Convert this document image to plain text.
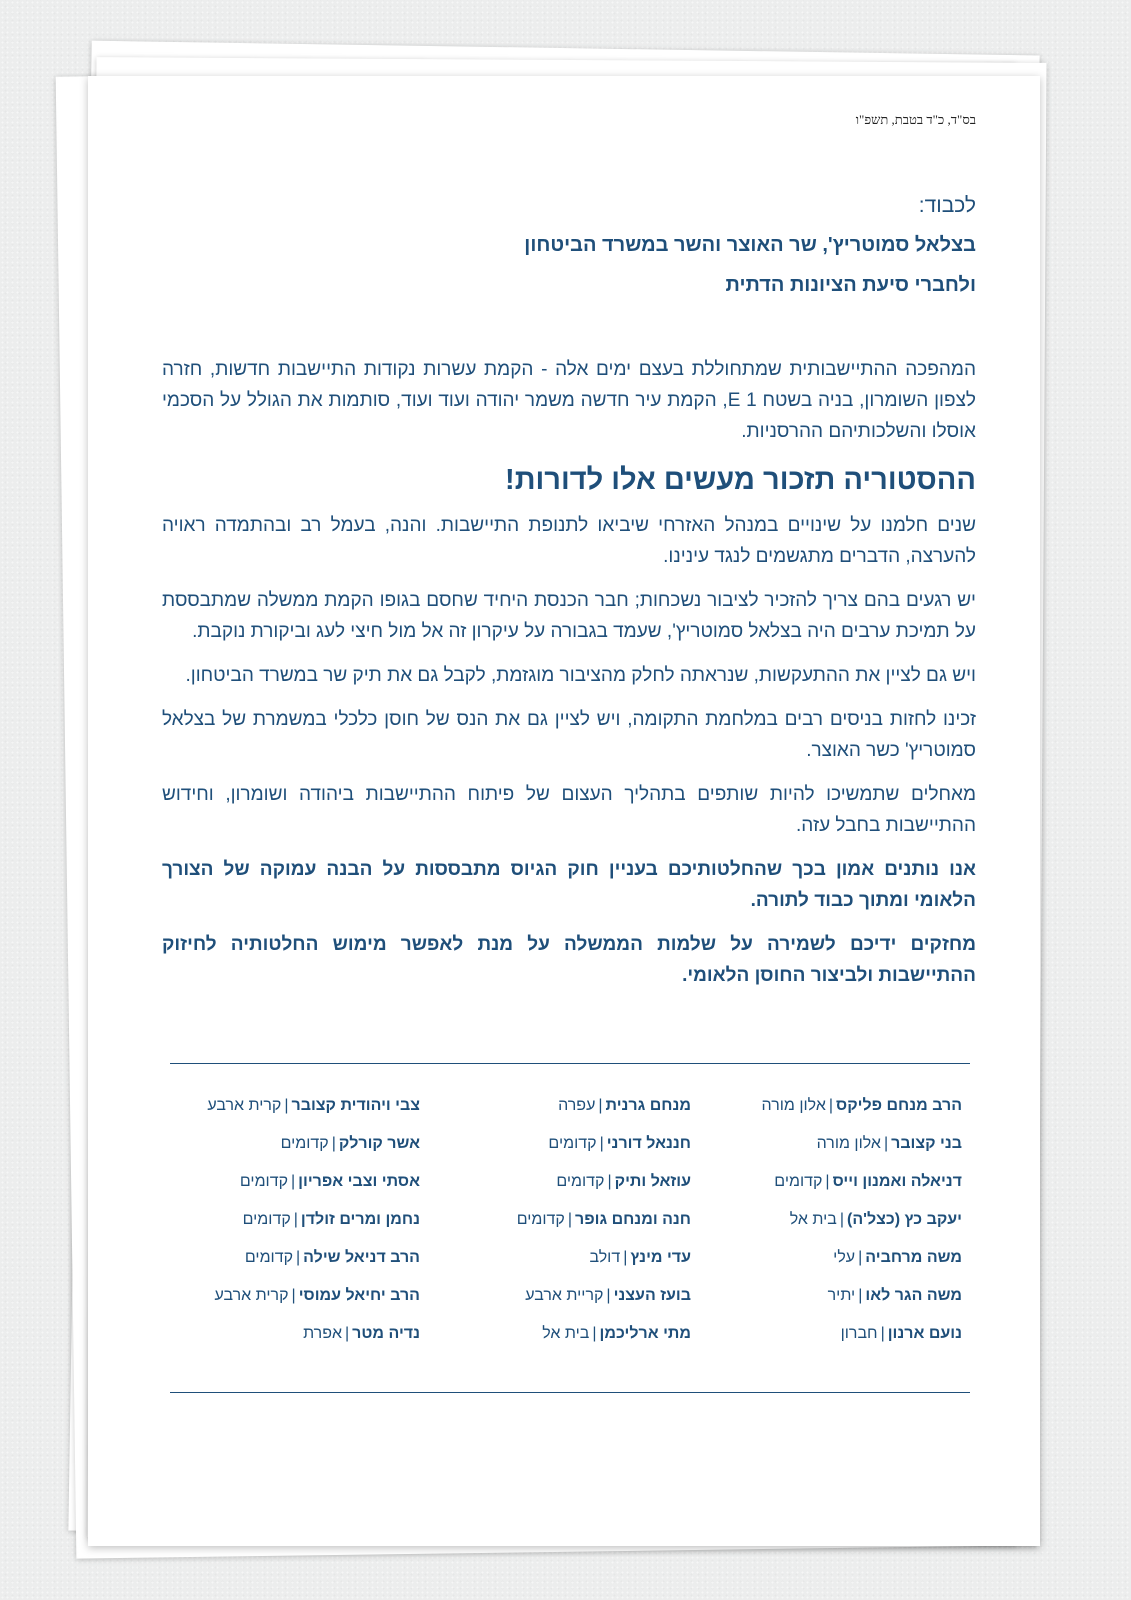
בס"ד, כ"ד בטבת, תשפ"ו
לכבוד:
בצלאל סמוטריץ', שר האוצר והשר במשרד הביטחון
ולחברי סיעת הציונות הדתית

המהפכה ההתיישבותית שמתחוללת בעצם ימים אלה - הקמת עשרות נקודות התיישבות חדשות, חזרה לצפון השומרון, בניה בשטח E 1, הקמת עיר חדשה משמר יהודה ועוד ועוד, סותמות את הגולל על הסכמי אוסלו והשלכותיהם ההרסניות.

ההסטוריה תזכור מעשים אלו לדורות!

שנים חלמנו על שינויים במנהל האזרחי שיביאו לתנופת התיישבות. והנה, בעמל רב ובהתמדה ראויה להערצה, הדברים מתגשמים לנגד עינינו.

יש רגעים בהם צריך להזכיר לציבור נשכחות; חבר הכנסת היחיד שחסם בגופו הקמת ממשלה שמתבססת על תמיכת ערבים היה בצלאל סמוטריץ', שעמד בגבורה על עיקרון זה אל מול חיצי לעג וביקורת נוקבת.

ויש גם לציין את ההתעקשות, שנראתה לחלק מהציבור מוגזמת, לקבל גם את תיק שר במשרד הביטחון.

זכינו לחזות בניסים רבים במלחמת התקומה, ויש לציין גם את הנס של חוסן כלכלי במשמרת של בצלאל סמוטריץ' כשר האוצר.

מאחלים שתמשיכו להיות שותפים בתהליך העצום של פיתוח ההתיישבות ביהודה ושומרון, וחידוש ההתיישבות בחבל עזה.

אנו נותנים אמון בכך שהחלטותיכם בעניין חוק הגיוס מתבססות על הבנה עמוקה של הצורך הלאומי ומתוך כבוד לתורה.

מחזקים ידיכם לשמירה על שלמות הממשלה על מנת לאפשר מימוש החלטותיה לחיזוק ההתיישבות ולביצור החוסן הלאומי.

הרב מנחם פליקס|אלון מורה
בני קצובר|אלון מורה
דניאלה ואמנון וייס|קדומים
יעקב כץ (כצל'ה)|בית אל
משה מרחביה|עלי
משה הגר לאו|יתיר
נועם ארנון|חברון
מנחם גרנית|עפרה
חננאל דורני|קדומים
עוזאל ותיק|קדומים
חנה ומנחם גופר|קדומים
עדי מינץ|דולב
בועז העצני|קריית ארבע
מתי ארליכמן|בית אל
צבי ויהודית קצובר|קרית ארבע
אשר קורלק|קדומים
אסתי וצבי אפריון|קדומים
נחמן ומרים זולדן|קדומים
הרב דניאל שילה|קדומים
הרב יחיאל עמוסי|קרית ארבע
נדיה מטר|אפרת
